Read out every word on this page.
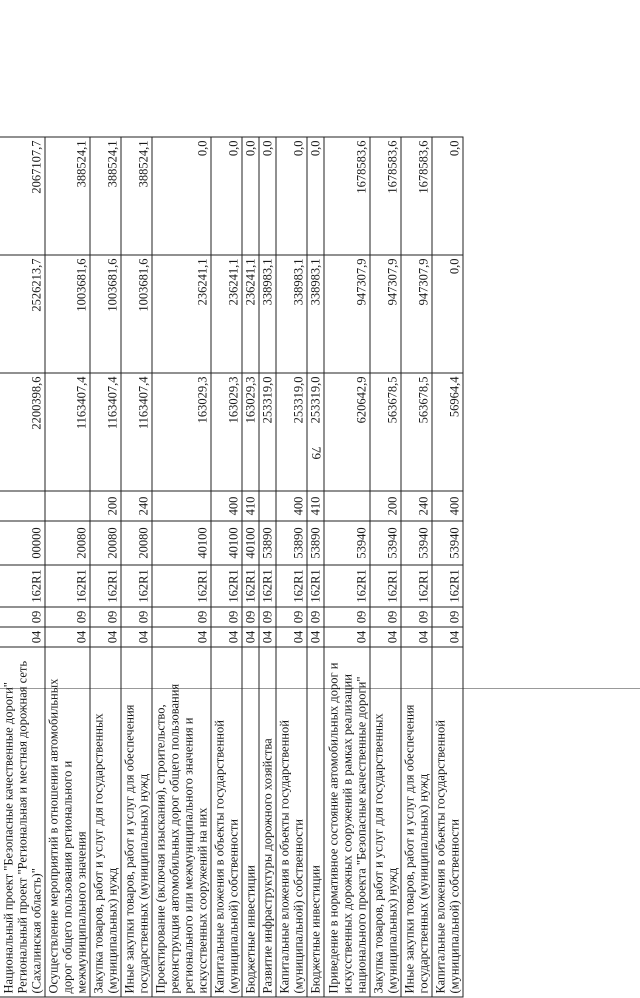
79

Национальный проект "Безопасные качественные дороги" Региональный проект "Региональная и местная дорожная сеть (Сахалинская область)"	04	09	162R1	00000		2200398,6	2526213,7	2067107,7
Осуществление мероприятий в отношении автомобильных дорог общего пользования регионального и межмуниципального значения	04	09	162R1	20080		1163407,4	1003681,6	388524,1
Закупка товаров, работ и услуг для государственных (муниципальных) нужд	04	09	162R1	20080	200	1163407,4	1003681,6	388524,1
Иные закупки товаров, работ и услуг для обеспечения государственных (муниципальных) нужд	04	09	162R1	20080	240	1163407,4	1003681,6	388524,1
Проектирование (включая изыскания), строительство, реконструкция автомобильных дорог общего пользования регионального или межмуниципального значения и искусственных сооружений на них	04	09	162R1	40100		163029,3	236241,1	0,0
Капитальные вложения в объекты государственной (муниципальной) собственности	04	09	162R1	40100	400	163029,3	236241,1	0,0
Бюджетные инвестиции	04	09	162R1	40100	410	163029,3	236241,1	0,0
Развитие инфраструктуры дорожного хозяйства	04	09	162R1	53890		253319,0	338983,1	0,0
Капитальные вложения в объекты государственной (муниципальной) собственности	04	09	162R1	53890	400	253319,0	338983,1	0,0
Бюджетные инвестиции	04	09	162R1	53890	410	253319,0	338983,1	0,0
Приведение в нормативное состояние автомобильных дорог и искусственных дорожных сооружений в рамках реализации национального проекта "Безопасные качественные дороги"	04	09	162R1	53940		620642,9	947307,9	1678583,6
Закупка товаров, работ и услуг для государственных (муниципальных) нужд	04	09	162R1	53940	200	563678,5	947307,9	1678583,6
Иные закупки товаров, работ и услуг для обеспечения государственных (муниципальных) нужд	04	09	162R1	53940	240	563678,5	947307,9	1678583,6
Капитальные вложения в объекты государственной (муниципальной) собственности	04	09	162R1	53940	400	56964,4	0,0	0,0
